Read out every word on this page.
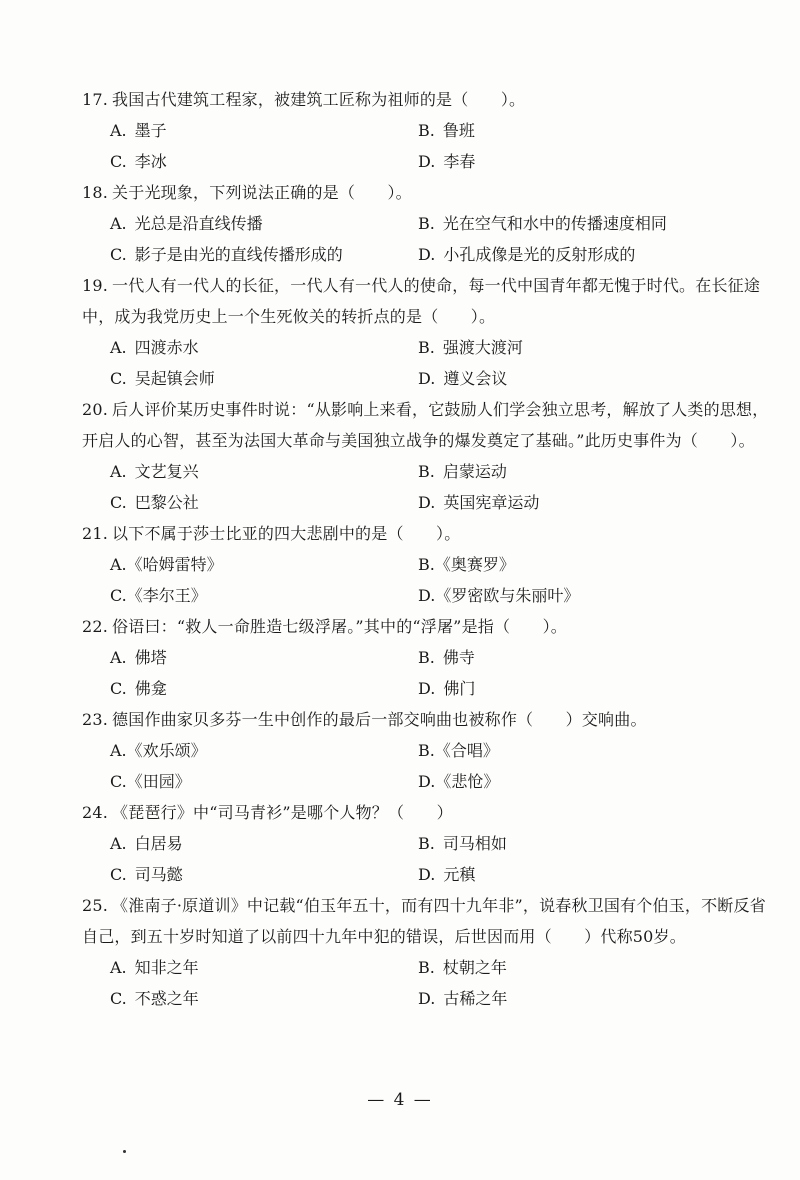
17. 我国古代建筑工程家，被建筑工匠称为祖师的是（　　）。

A. 墨子	B. 鲁班
C. 李冰	D. 李春

18. 关于光现象，下列说法正确的是（　　）。

A. 光总是沿直线传播	B. 光在空气和水中的传播速度相同
C. 影子是由光的直线传播形成的	D. 小孔成像是光的反射形成的

19. 一代人有一代人的长征，一代人有一代人的使命，每一代中国青年都无愧于时代。在长征途中，成为我党历史上一个生死攸关的转折点的是（　　）。

A. 四渡赤水	B. 强渡大渡河
C. 吴起镇会师	D. 遵义会议

20. 后人评价某历史事件时说：“从影响上来看，它鼓励人们学会独立思考，解放了人类的思想，开启人的心智，甚至为法国大革命与美国独立战争的爆发奠定了基础。”此历史事件为（　　）。

A. 文艺复兴	B. 启蒙运动
C. 巴黎公社	D. 英国宪章运动

21. 以下不属于莎士比亚的四大悲剧中的是（　　）。

A.《哈姆雷特》	B.《奥赛罗》
C.《李尔王》	D.《罗密欧与朱丽叶》

22. 俗语曰：“救人一命胜造七级浮屠。”其中的“浮屠”是指（　　）。

A. 佛塔	B. 佛寺
C. 佛龛	D. 佛门

23. 德国作曲家贝多芬一生中创作的最后一部交响曲也被称作（　　）交响曲。

A.《欢乐颂》	B.《合唱》
C.《田园》	D.《悲怆》

24. 《琵琶行》中“司马青衫”是哪个人物？（　　）

A. 白居易	B. 司马相如
C. 司马懿	D. 元稹

25. 《淮南子·原道训》中记载“伯玉年五十，而有四十九年非”，说春秋卫国有个伯玉，不断反省自己，到五十岁时知道了以前四十九年中犯的错误，后世因而用（　　）代称50岁。

A. 知非之年	B. 杖朝之年
C. 不惑之年	D. 古稀之年
— 4 —
